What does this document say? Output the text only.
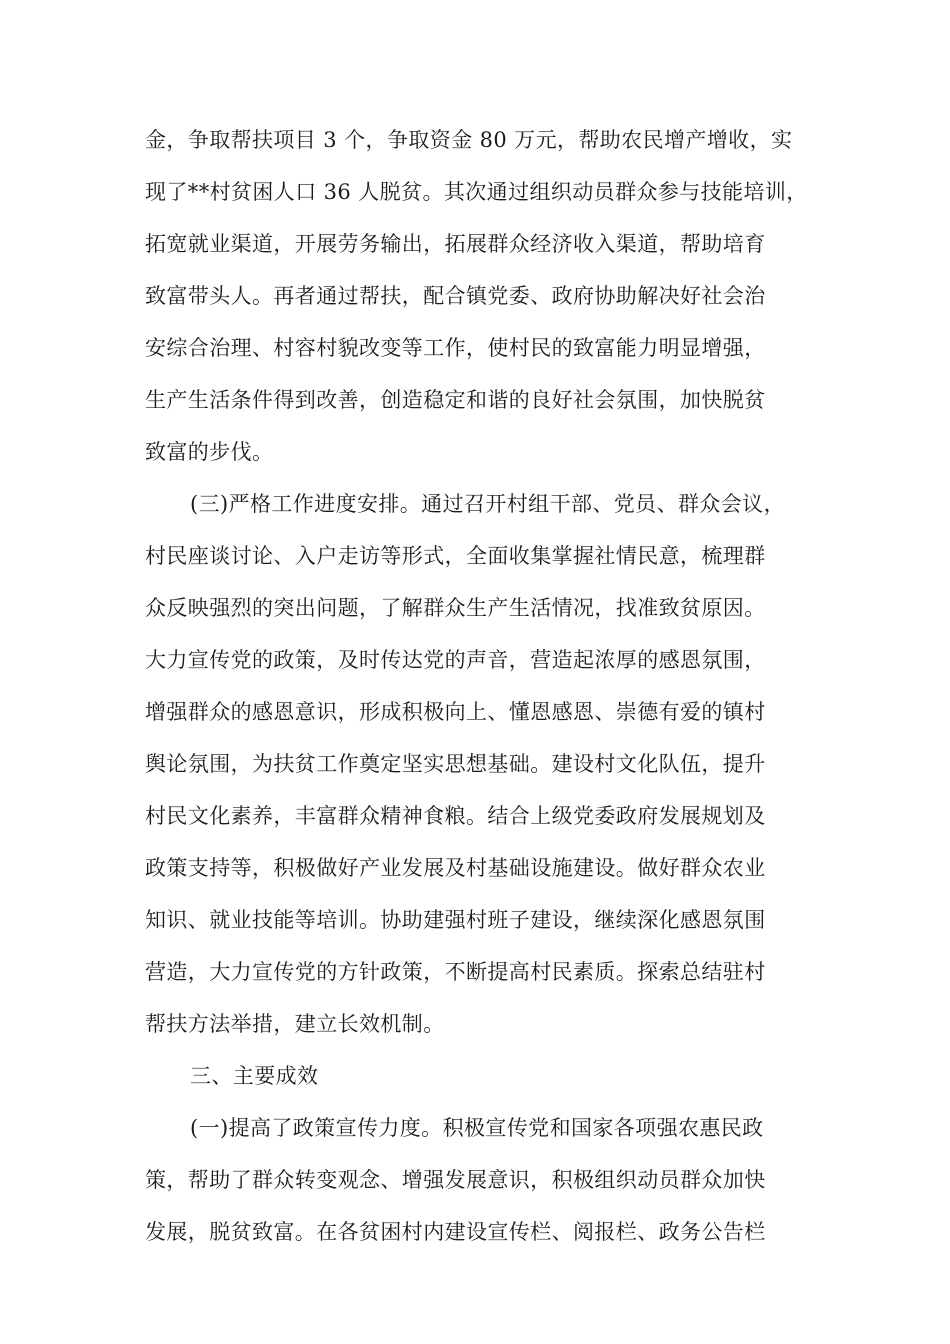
金，争取帮扶项目 3 个，争取资金 80 万元，帮助农民增产增收，实
现了**村贫困人口 36 人脱贫。其次通过组织动员群众参与技能培训，
拓宽就业渠道，开展劳务输出，拓展群众经济收入渠道，帮助培育
致富带头人。再者通过帮扶，配合镇党委、政府协助解决好社会治
安综合治理、村容村貌改变等工作，使村民的致富能力明显增强，
生产生活条件得到改善，创造稳定和谐的良好社会氛围，加快脱贫
致富的步伐。
(三)严格工作进度安排。通过召开村组干部、党员、群众会议，
村民座谈讨论、入户走访等形式，全面收集掌握社情民意，梳理群
众反映强烈的突出问题，了解群众生产生活情况，找准致贫原因。
大力宣传党的政策，及时传达党的声音，营造起浓厚的感恩氛围，
增强群众的感恩意识，形成积极向上、懂恩感恩、崇德有爱的镇村
舆论氛围，为扶贫工作奠定坚实思想基础。建设村文化队伍，提升
村民文化素养，丰富群众精神食粮。结合上级党委政府发展规划及
政策支持等，积极做好产业发展及村基础设施建设。做好群众农业
知识、就业技能等培训。协助建强村班子建设，继续深化感恩氛围
营造，大力宣传党的方针政策，不断提高村民素质。探索总结驻村
帮扶方法举措，建立长效机制。
三、主要成效
(一)提高了政策宣传力度。积极宣传党和国家各项强农惠民政
策，帮助了群众转变观念、增强发展意识，积极组织动员群众加快
发展，脱贫致富。在各贫困村内建设宣传栏、阅报栏、政务公告栏
